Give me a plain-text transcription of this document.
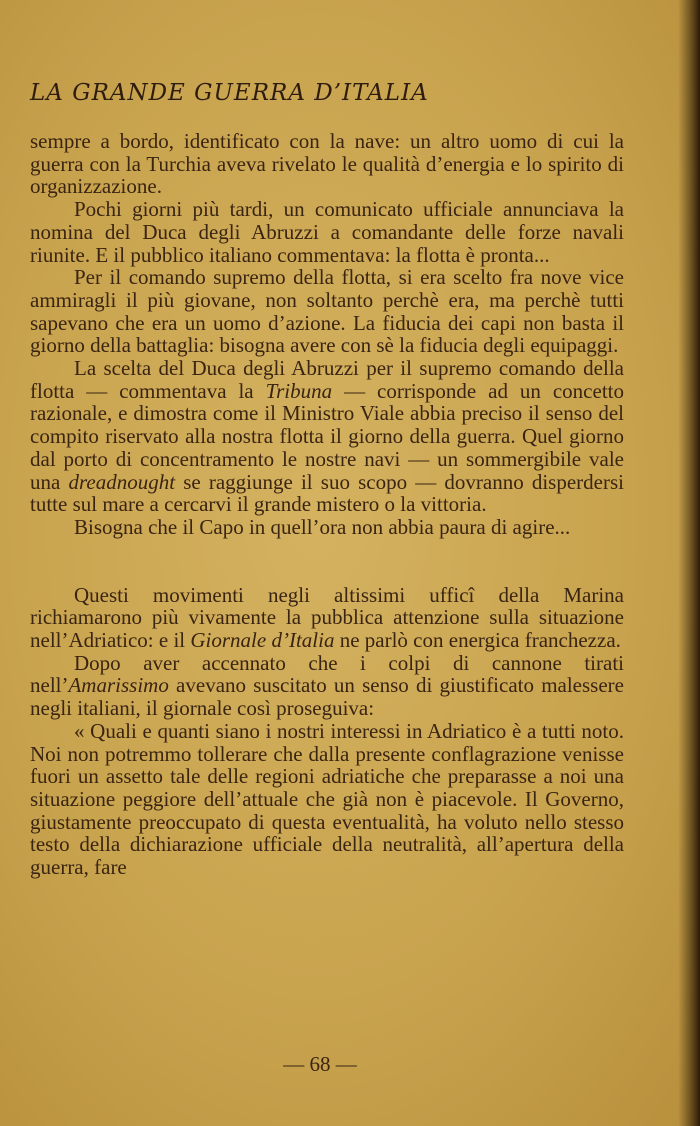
LA GRANDE GUERRA D’ITALIA

sempre a bordo, identificato con la nave: un altro uomo di cui la guerra con la Turchia aveva rivelato le qualità d’energia e lo spirito di organizzazione.

Pochi giorni più tardi, un comunicato ufficiale annunciava la nomina del Duca degli Abruzzi a comandante delle forze navali riunite. E il pubblico italiano commentava: la flotta è pronta...

Per il comando supremo della flotta, si era scelto fra nove vice ammiragli il più giovane, non soltanto perchè era, ma perchè tutti sapevano che era un uomo d’azione. La fiducia dei capi non basta il giorno della battaglia: bisogna avere con sè la fiducia degli equipaggi.

La scelta del Duca degli Abruzzi per il supremo comando della flotta — commentava la Tribuna — corrisponde ad un concetto razionale, e dimostra come il Ministro Viale abbia preciso il senso del compito riservato alla nostra flotta il giorno della guerra. Quel giorno dal porto di concentramento le nostre navi — un sommergibile vale una dreadnought se raggiunge il suo scopo — dovranno disperdersi tutte sul mare a cercarvi il grande mistero o la vittoria.

Bisogna che il Capo in quell’ora non abbia paura di agire...

Questi movimenti negli altissimi ufficî della Marina richiamarono più vivamente la pubblica attenzione sulla situazione nell’Adriatico: e il Giornale d’Italia ne parlò con energica franchezza.

Dopo aver accennato che i colpi di cannone tirati nell’Amarissimo avevano suscitato un senso di giustificato malessere negli italiani, il giornale così proseguiva:

« Quali e quanti siano i nostri interessi in Adriatico è a tutti noto. Noi non potremmo tollerare che dalla presente conflagrazione venisse fuori un assetto tale delle regioni adriatiche che preparasse a noi una situazione peggiore dell’attuale che già non è piacevole. Il Governo, giustamente preoccupato di questa eventualità, ha voluto nello stesso testo della dichiarazione ufficiale della neutralità, all’apertura della guerra, fare

— 68 —
